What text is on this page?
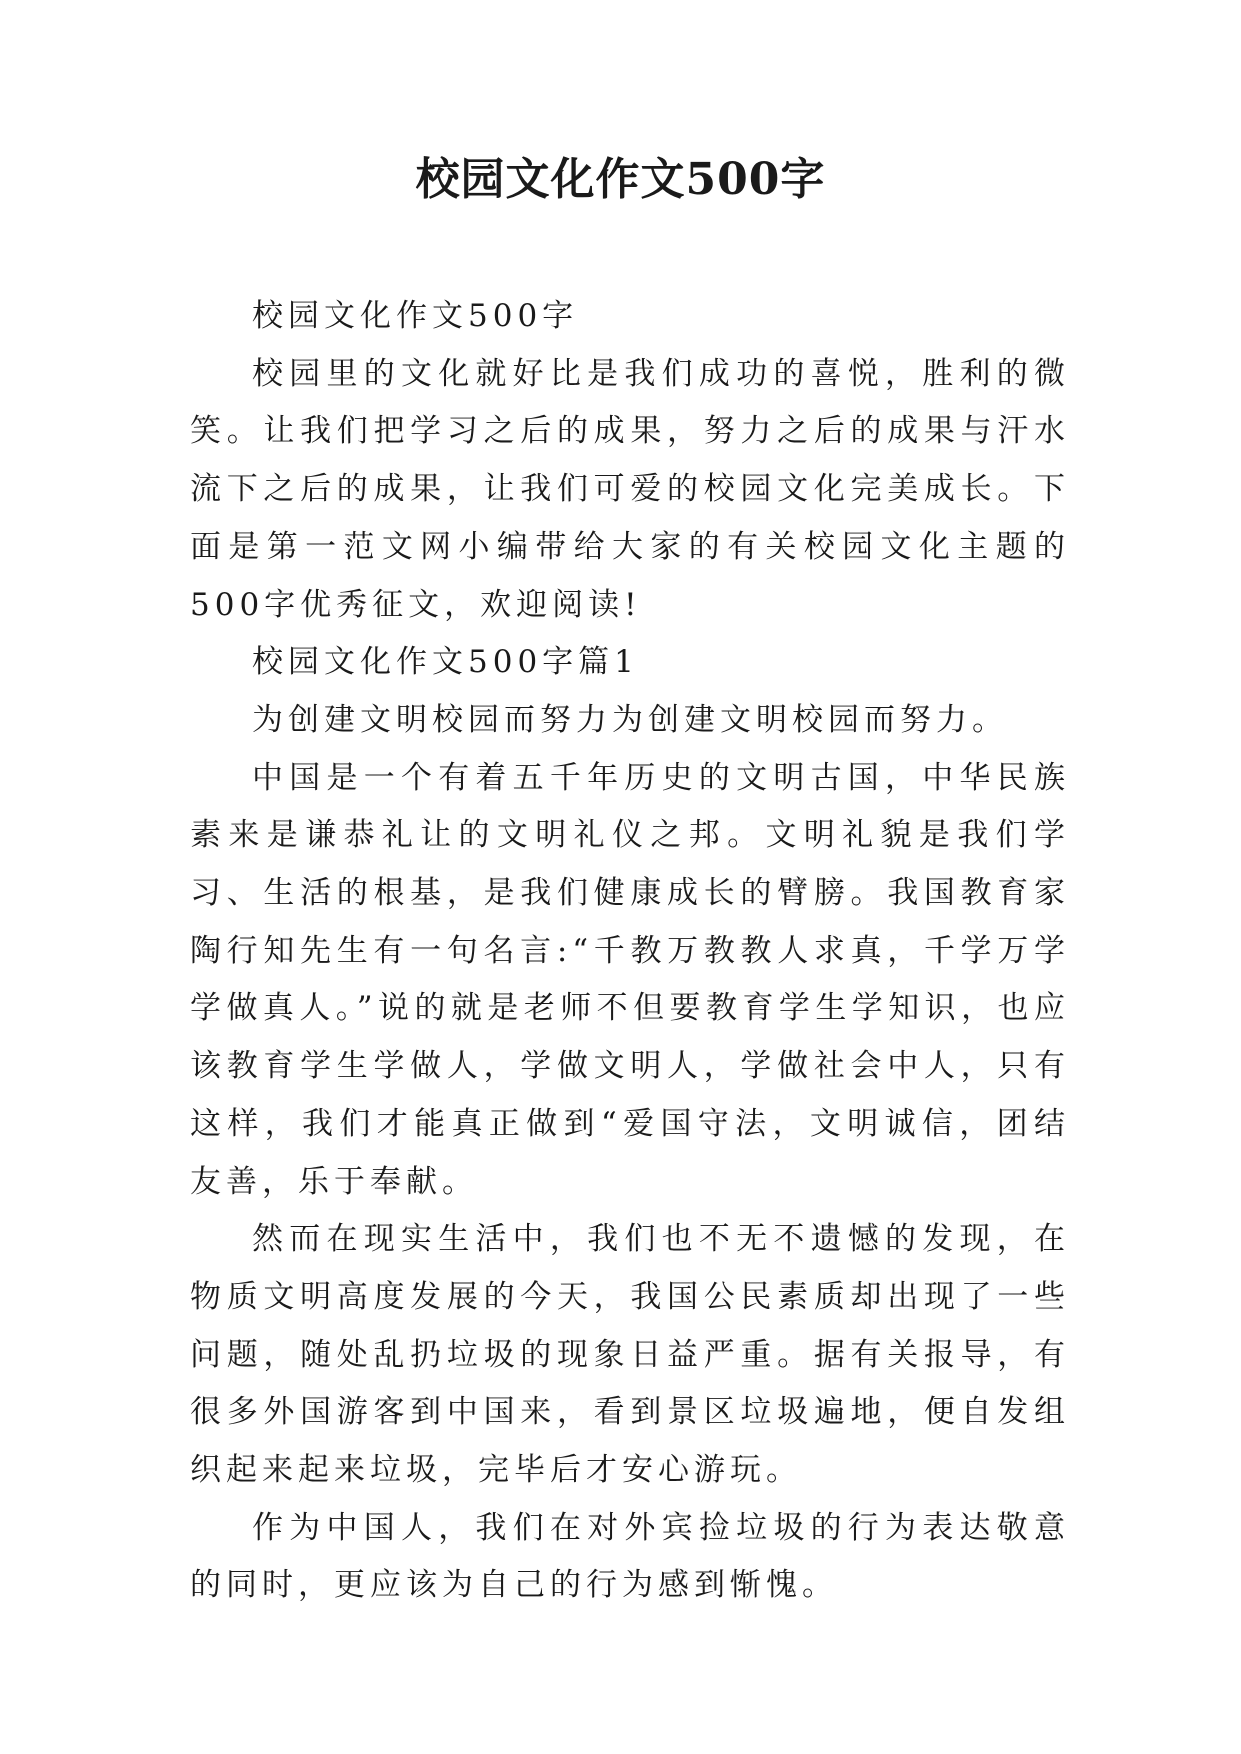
校园文化作文500字

校园文化作文500字

校园里的文化就好比是我们成功的喜悦，胜利的微笑。让我们把学习之后的成果，努力之后的成果与汗水流下之后的成果，让我们可爱的校园文化完美成长。下面是第一范文网小编带给大家的有关校园文化主题的500字优秀征文，欢迎阅读!

校园文化作文500字篇1

为创建文明校园而努力为创建文明校园而努力。

中国是一个有着五千年历史的文明古国，中华民族素来是谦恭礼让的文明礼仪之邦。文明礼貌是我们学习、生活的根基，是我们健康成长的臂膀。我国教育家陶行知先生有一句名言:“千教万教教人求真，千学万学学做真人。”说的就是老师不但要教育学生学知识，也应该教育学生学做人，学做文明人，学做社会中人，只有这样，我们才能真正做到“爱国守法，文明诚信，团结友善，乐于奉献。

然而在现实生活中，我们也不无不遗憾的发现，在物质文明高度发展的今天，我国公民素质却出现了一些问题，随处乱扔垃圾的现象日益严重。据有关报导，有很多外国游客到中国来，看到景区垃圾遍地，便自发组织起来起来垃圾，完毕后才安心游玩。

作为中国人，我们在对外宾捡垃圾的行为表达敬意的同时，更应该为自己的行为感到惭愧。
